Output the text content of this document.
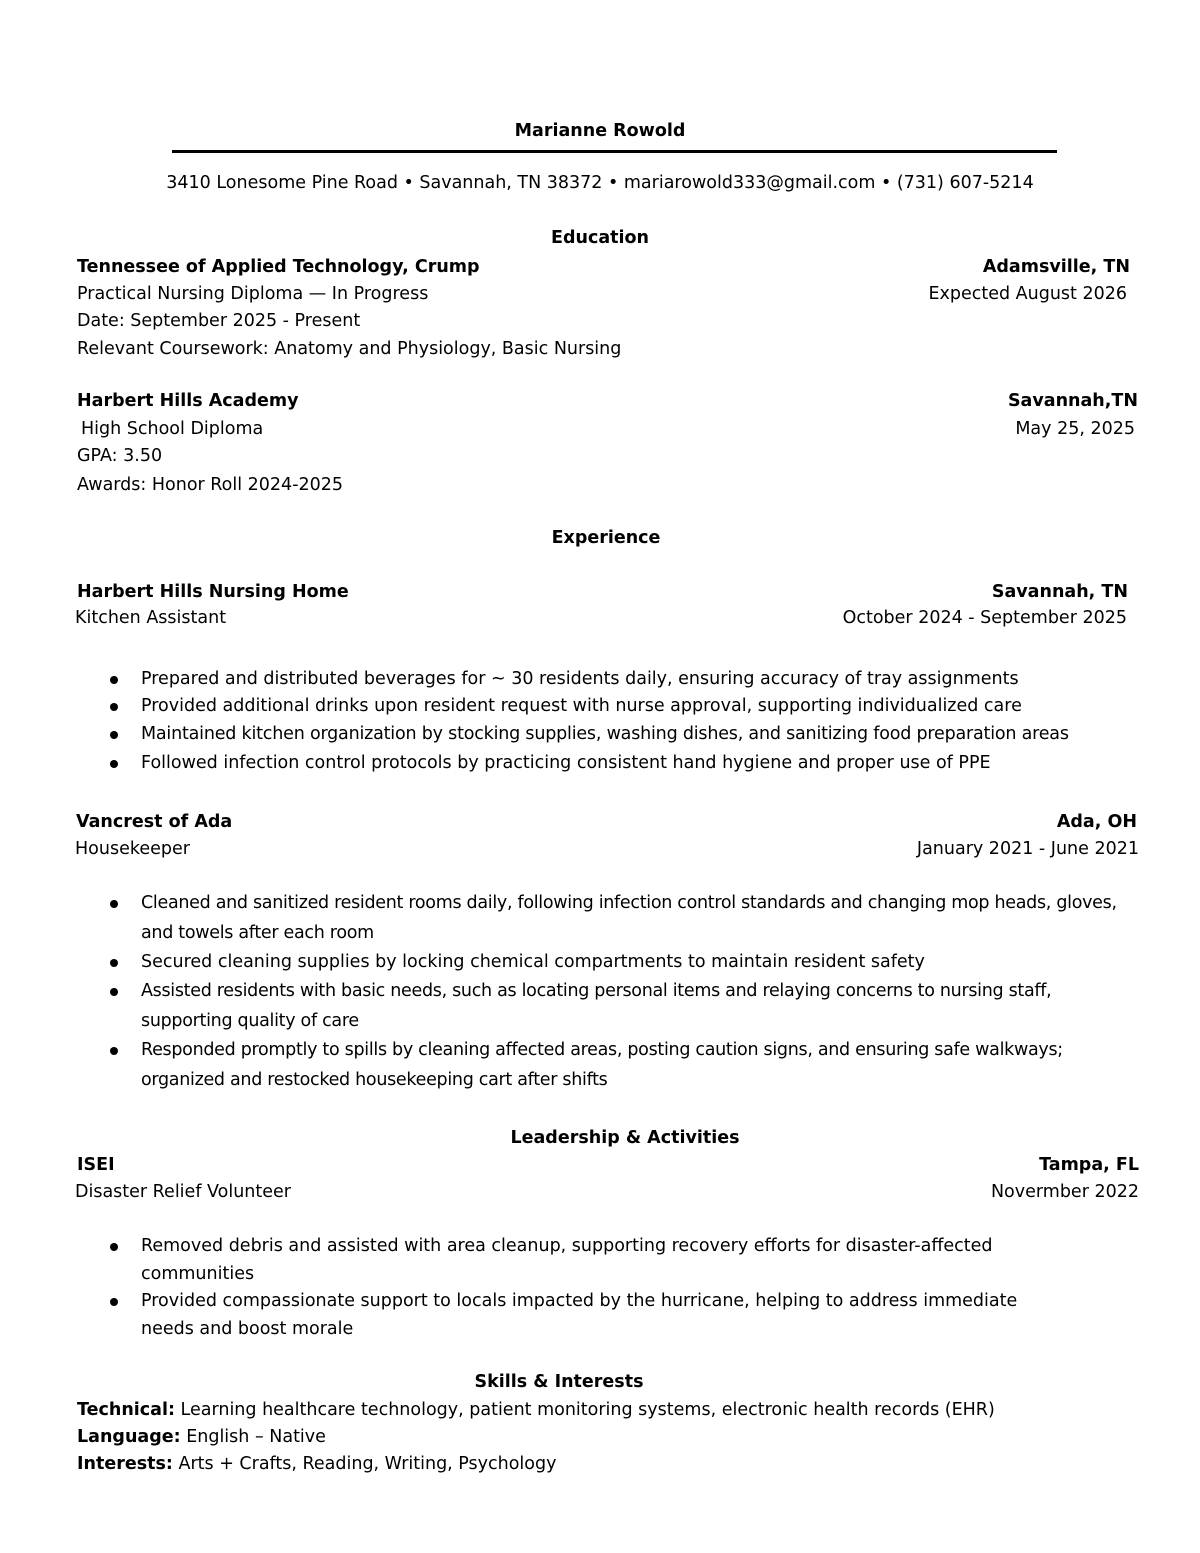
Marianne Rowold
3410 Lonesome Pine Road • Savannah, TN 38372 • mariarowold333@gmail.com • (731) 607-5214
Education
Tennessee of Applied Technology, Crump	Adamsville, TN
Practical Nursing Diploma — In Progress	Expected August 2026
Date: September 2025 - Present
Relevant Coursework: Anatomy and Physiology, Basic Nursing
Harbert Hills Academy	Savannah,TN
High School Diploma	May 25, 2025
GPA: 3.50
Awards: Honor Roll 2024-2025
Experience
Harbert Hills Nursing Home	Savannah, TN
Kitchen Assistant	October 2024 - September 2025
Prepared and distributed beverages for ~ 30 residents daily, ensuring accuracy of tray assignments
Provided additional drinks upon resident request with nurse approval, supporting individualized care
Maintained kitchen organization by stocking supplies, washing dishes, and sanitizing food preparation areas
Followed infection control protocols by practicing consistent hand hygiene and proper use of PPE
Vancrest of Ada	Ada, OH
Housekeeper	January 2021 - June 2021
Cleaned and sanitized resident rooms daily, following infection control standards and changing mop heads, gloves, and towels after each room
Secured cleaning supplies by locking chemical compartments to maintain resident safety
Assisted residents with basic needs, such as locating personal items and relaying concerns to nursing staff, supporting quality of care
Responded promptly to spills by cleaning affected areas, posting caution signs, and ensuring safe walkways; organized and restocked housekeeping cart after shifts
Leadership & Activities
ISEI	Tampa, FL
Disaster Relief Volunteer	Novermber 2022
Removed debris and assisted with area cleanup, supporting recovery efforts for disaster-affected communities
Provided compassionate support to locals impacted by the hurricane, helping to address immediate needs and boost morale
Skills & Interests
Technical: Learning healthcare technology, patient monitoring systems, electronic health records (EHR)
Language: English – Native
Interests: Arts + Crafts, Reading, Writing, Psychology
